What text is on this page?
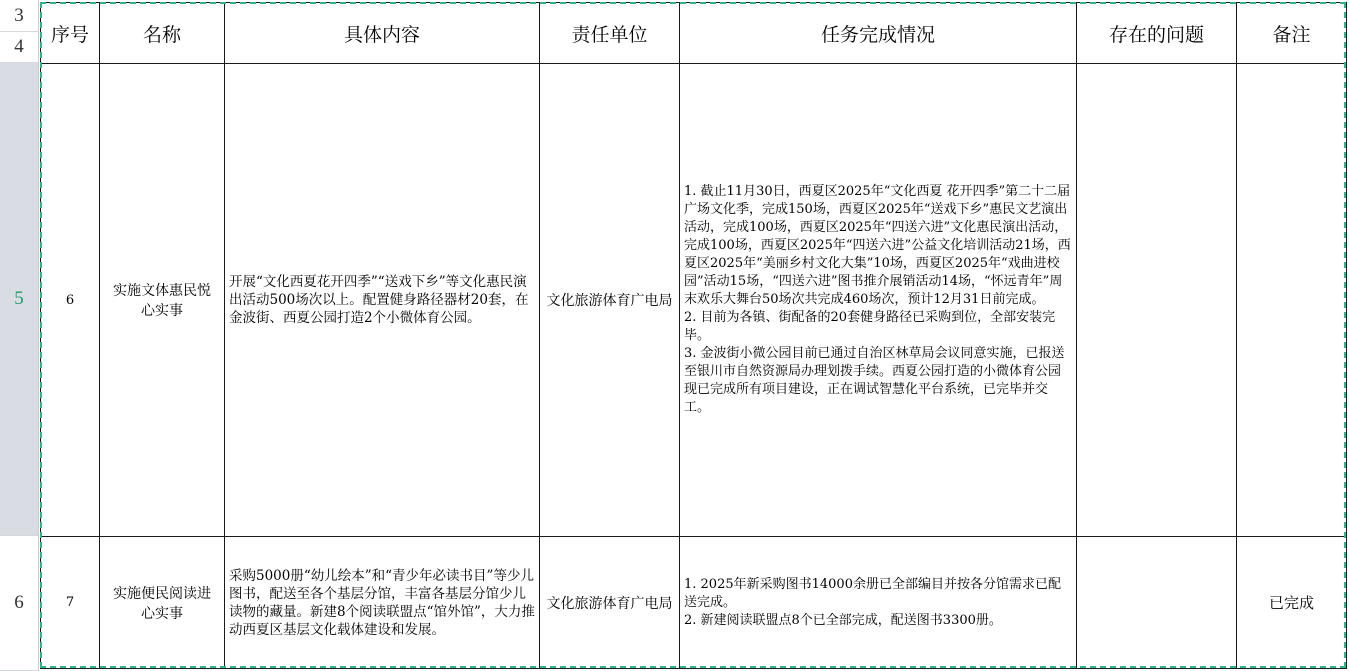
3
4
5
6
序号	名称	具体内容	责任单位	任务完成情况	存在的问题	备注
6	实施文体惠民悦心实事	开展“文化西夏花开四季”“送戏下乡”等文化惠民演出活动500场次以上。配置健身路径器材20套，在金波街、西夏公园打造2个小微体育公园。	文化旅游体育广电局	1. 截止11月30日，西夏区2025年“文化西夏 花开四季”第二十二届广场文化季，完成150场，西夏区2025年“送戏下乡”惠民文艺演出活动，完成100场，西夏区2025年“四送六进”文化惠民演出活动，完成100场，西夏区2025年“四送六进”公益文化培训活动21场，西夏区2025年“美丽乡村文化大集”10场，西夏区2025年“戏曲进校园”活动15场，“四送六进”图书推介展销活动14场，“怀远青年”周末欢乐大舞台50场次共完成460场次，预计12月31日前完成。
2. 目前为各镇、街配备的20套健身路径已采购到位，全部安装完毕。
3. 金波街小微公园目前已通过自治区林草局会议同意实施，已报送至银川市自然资源局办理划拨手续。西夏公园打造的小微体育公园现已完成所有项目建设，正在调试智慧化平台系统，已完毕并交工。		

7	实施便民阅读进心实事	采购5000册“幼儿绘本”和“青少年必读书目”等少儿图书，配送至各个基层分馆，丰富各基层分馆少儿读物的藏量。新建8个阅读联盟点“馆外馆”，大力推动西夏区基层文化载体建设和发展。	文化旅游体育广电局	1. 2025年新采购图书14000余册已全部编目并按各分馆需求已配送完成。
2. 新建阅读联盟点8个已全部完成，配送图书3300册。		已完成
